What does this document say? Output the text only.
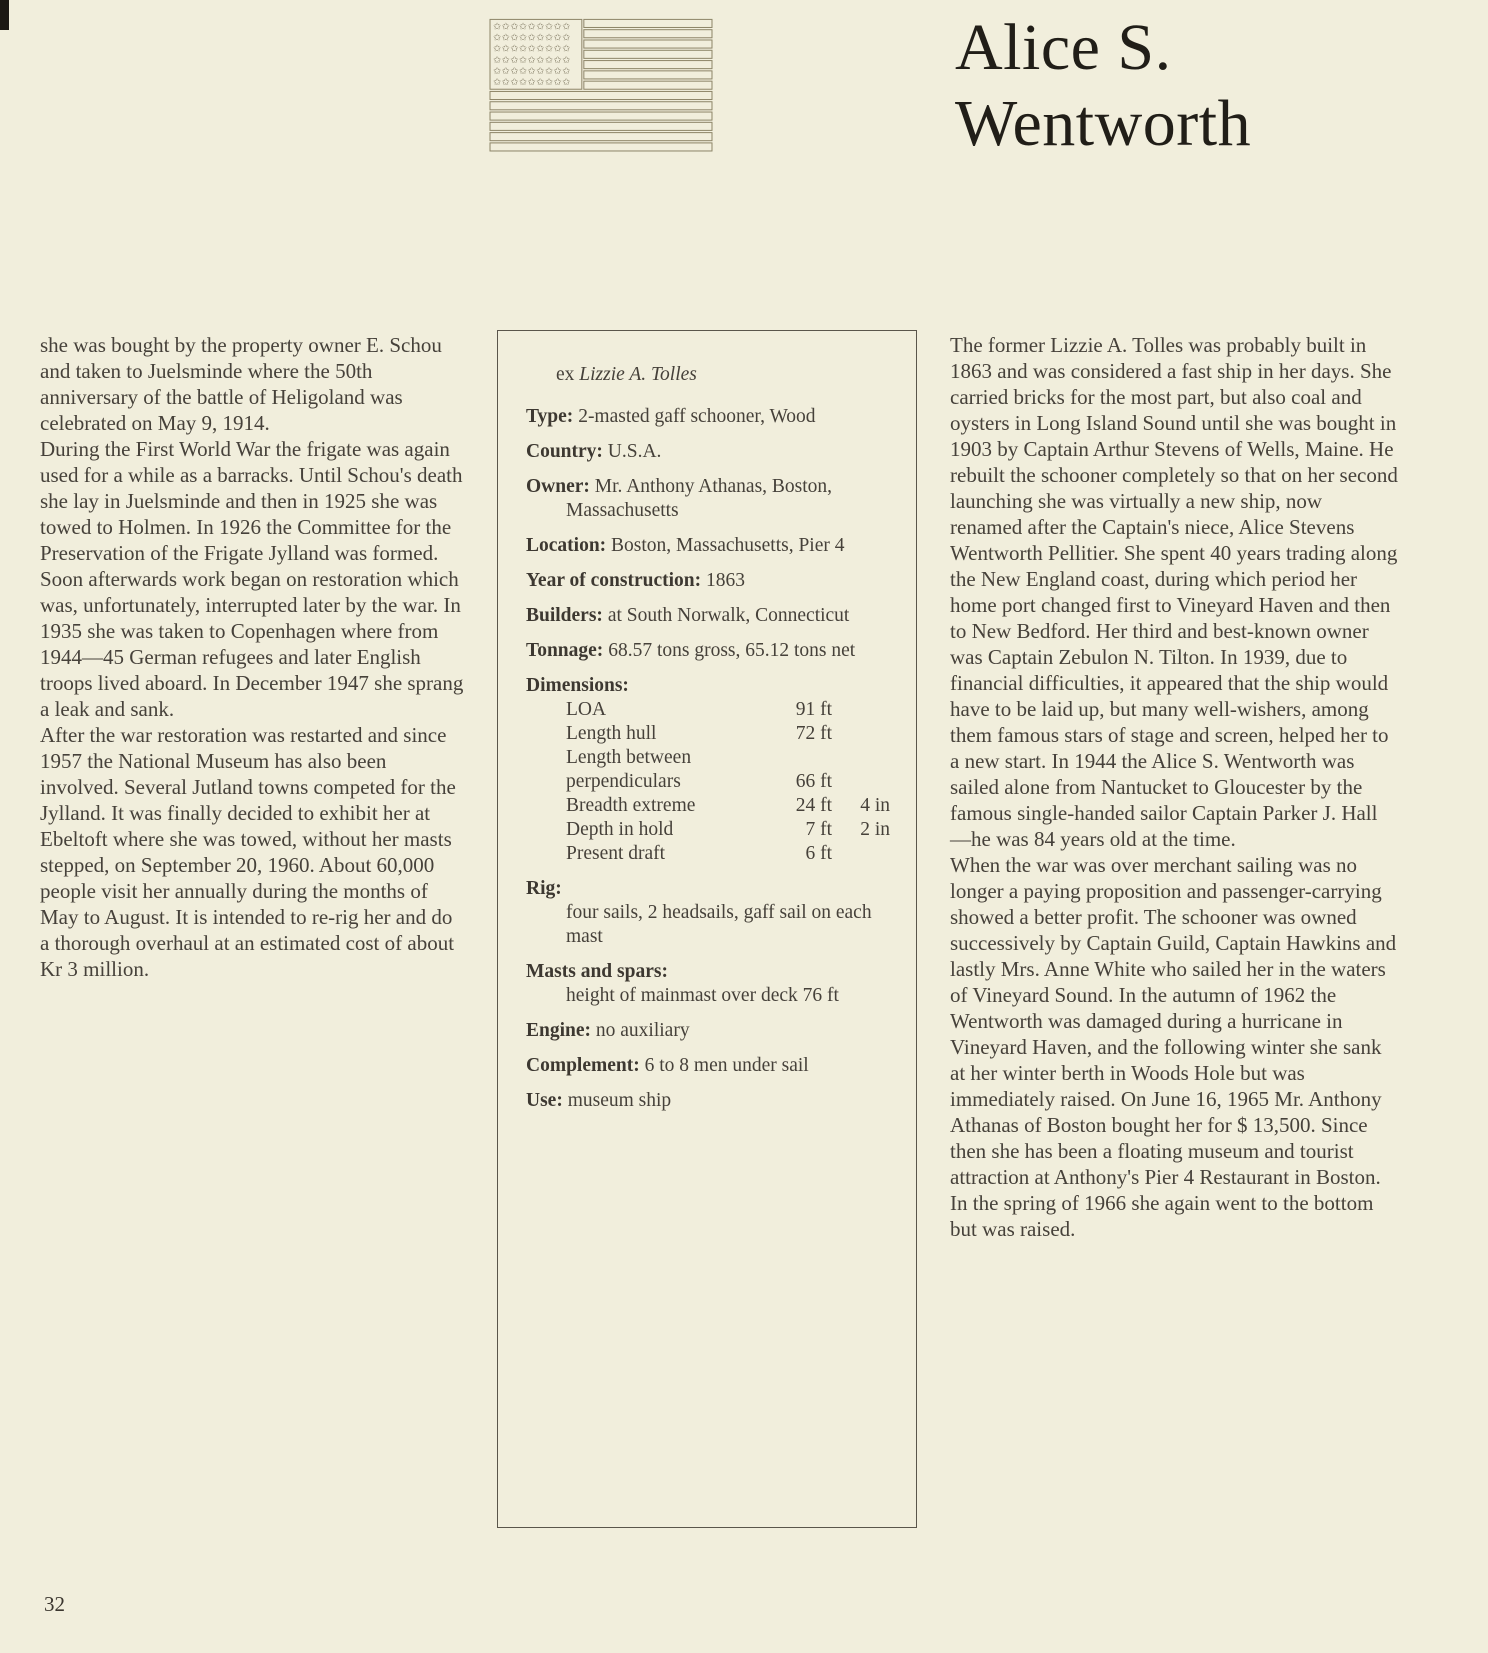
✩✩✩✩✩✩✩✩✩
✩✩✩✩✩✩✩✩✩
✩✩✩✩✩✩✩✩✩
✩✩✩✩✩✩✩✩✩
✩✩✩✩✩✩✩✩✩
✩✩✩✩✩✩✩✩✩	Alice S.
Wentworth

she was bought by the property owner E. Schou and taken to Juelsminde where the 50th anniversary of the battle of Heligoland was celebrated on May 9, 1914.

During the First World War the frigate was again used for a while as a barracks. Until Schou's death she lay in Juelsminde and then in 1925 she was towed to Holmen. In 1926 the Committee for the Preservation of the Frigate Jylland was formed. Soon afterwards work began on restoration which was, unfortunately, interrupted later by the war. In 1935 she was taken to Copenhagen where from 1944—45 German refugees and later English troops lived aboard. In December 1947 she sprang a leak and sank.

After the war restoration was restarted and since 1957 the National Museum has also been involved. Several Jutland towns competed for the Jylland. It was finally decided to exhibit her at Ebeltoft where she was towed, without her masts stepped, on September 20, 1960. About 60,000 people visit her annually during the months of May to August. It is intended to re-rig her and do a thorough overhaul at an estimated cost of about Kr 3 million.

ex Lizzie A. Tolles

Type: 2-masted gaff schooner, Wood

Country: U.S.A.

Owner: Mr. Anthony Athanas, Boston, Massachusetts

Location: Boston, Massachusetts, Pier 4

Year of construction: 1863

Builders: at South Norwalk, Connecticut

Tonnage: 68.57 tons gross, 65.12 tons net

Dimensions:

LOA	91 ft
Length hull	72 ft
Length between perpendiculars	66 ft
Breadth extreme	24 ft	4 in
Depth in hold	7 ft	2 in
Present draft	6 ft
Rig:
four sails, 2 headsails, gaff sail on each mast
Masts and spars:
height of mainmast over deck 76 ft

Engine: no auxiliary

Complement: 6 to 8 men under sail

Use: museum ship

The former Lizzie A. Tolles was probably built in 1863 and was considered a fast ship in her days. She carried bricks for the most part, but also coal and oysters in Long Island Sound until she was bought in 1903 by Captain Arthur Stevens of Wells, Maine. He rebuilt the schooner completely so that on her second launching she was virtually a new ship, now renamed after the Captain's niece, Alice Stevens Wentworth Pellitier. She spent 40 years trading along the New England coast, during which period her home port changed first to Vineyard Haven and then to New Bedford. Her third and best-known owner was Captain Zebulon N. Tilton. In 1939, due to financial difficulties, it appeared that the ship would have to be laid up, but many well-wishers, among them famous stars of stage and screen, helped her to a new start. In 1944 the Alice S. Wentworth was sailed alone from Nantucket to Gloucester by the famous single-handed sailor Captain Parker J. Hall—he was 84 years old at the time.

When the war was over merchant sailing was no longer a paying proposition and passenger-carrying showed a better profit. The schooner was owned successively by Captain Guild, Captain Hawkins and lastly Mrs. Anne White who sailed her in the waters of Vineyard Sound. In the autumn of 1962 the Wentworth was damaged during a hurricane in Vineyard Haven, and the following winter she sank at her winter berth in Woods Hole but was immediately raised. On June 16, 1965 Mr. Anthony Athanas of Boston bought her for $ 13,500. Since then she has been a floating museum and tourist attraction at Anthony's Pier 4 Restaurant in Boston. In the spring of 1966 she again went to the bottom but was raised.

32
